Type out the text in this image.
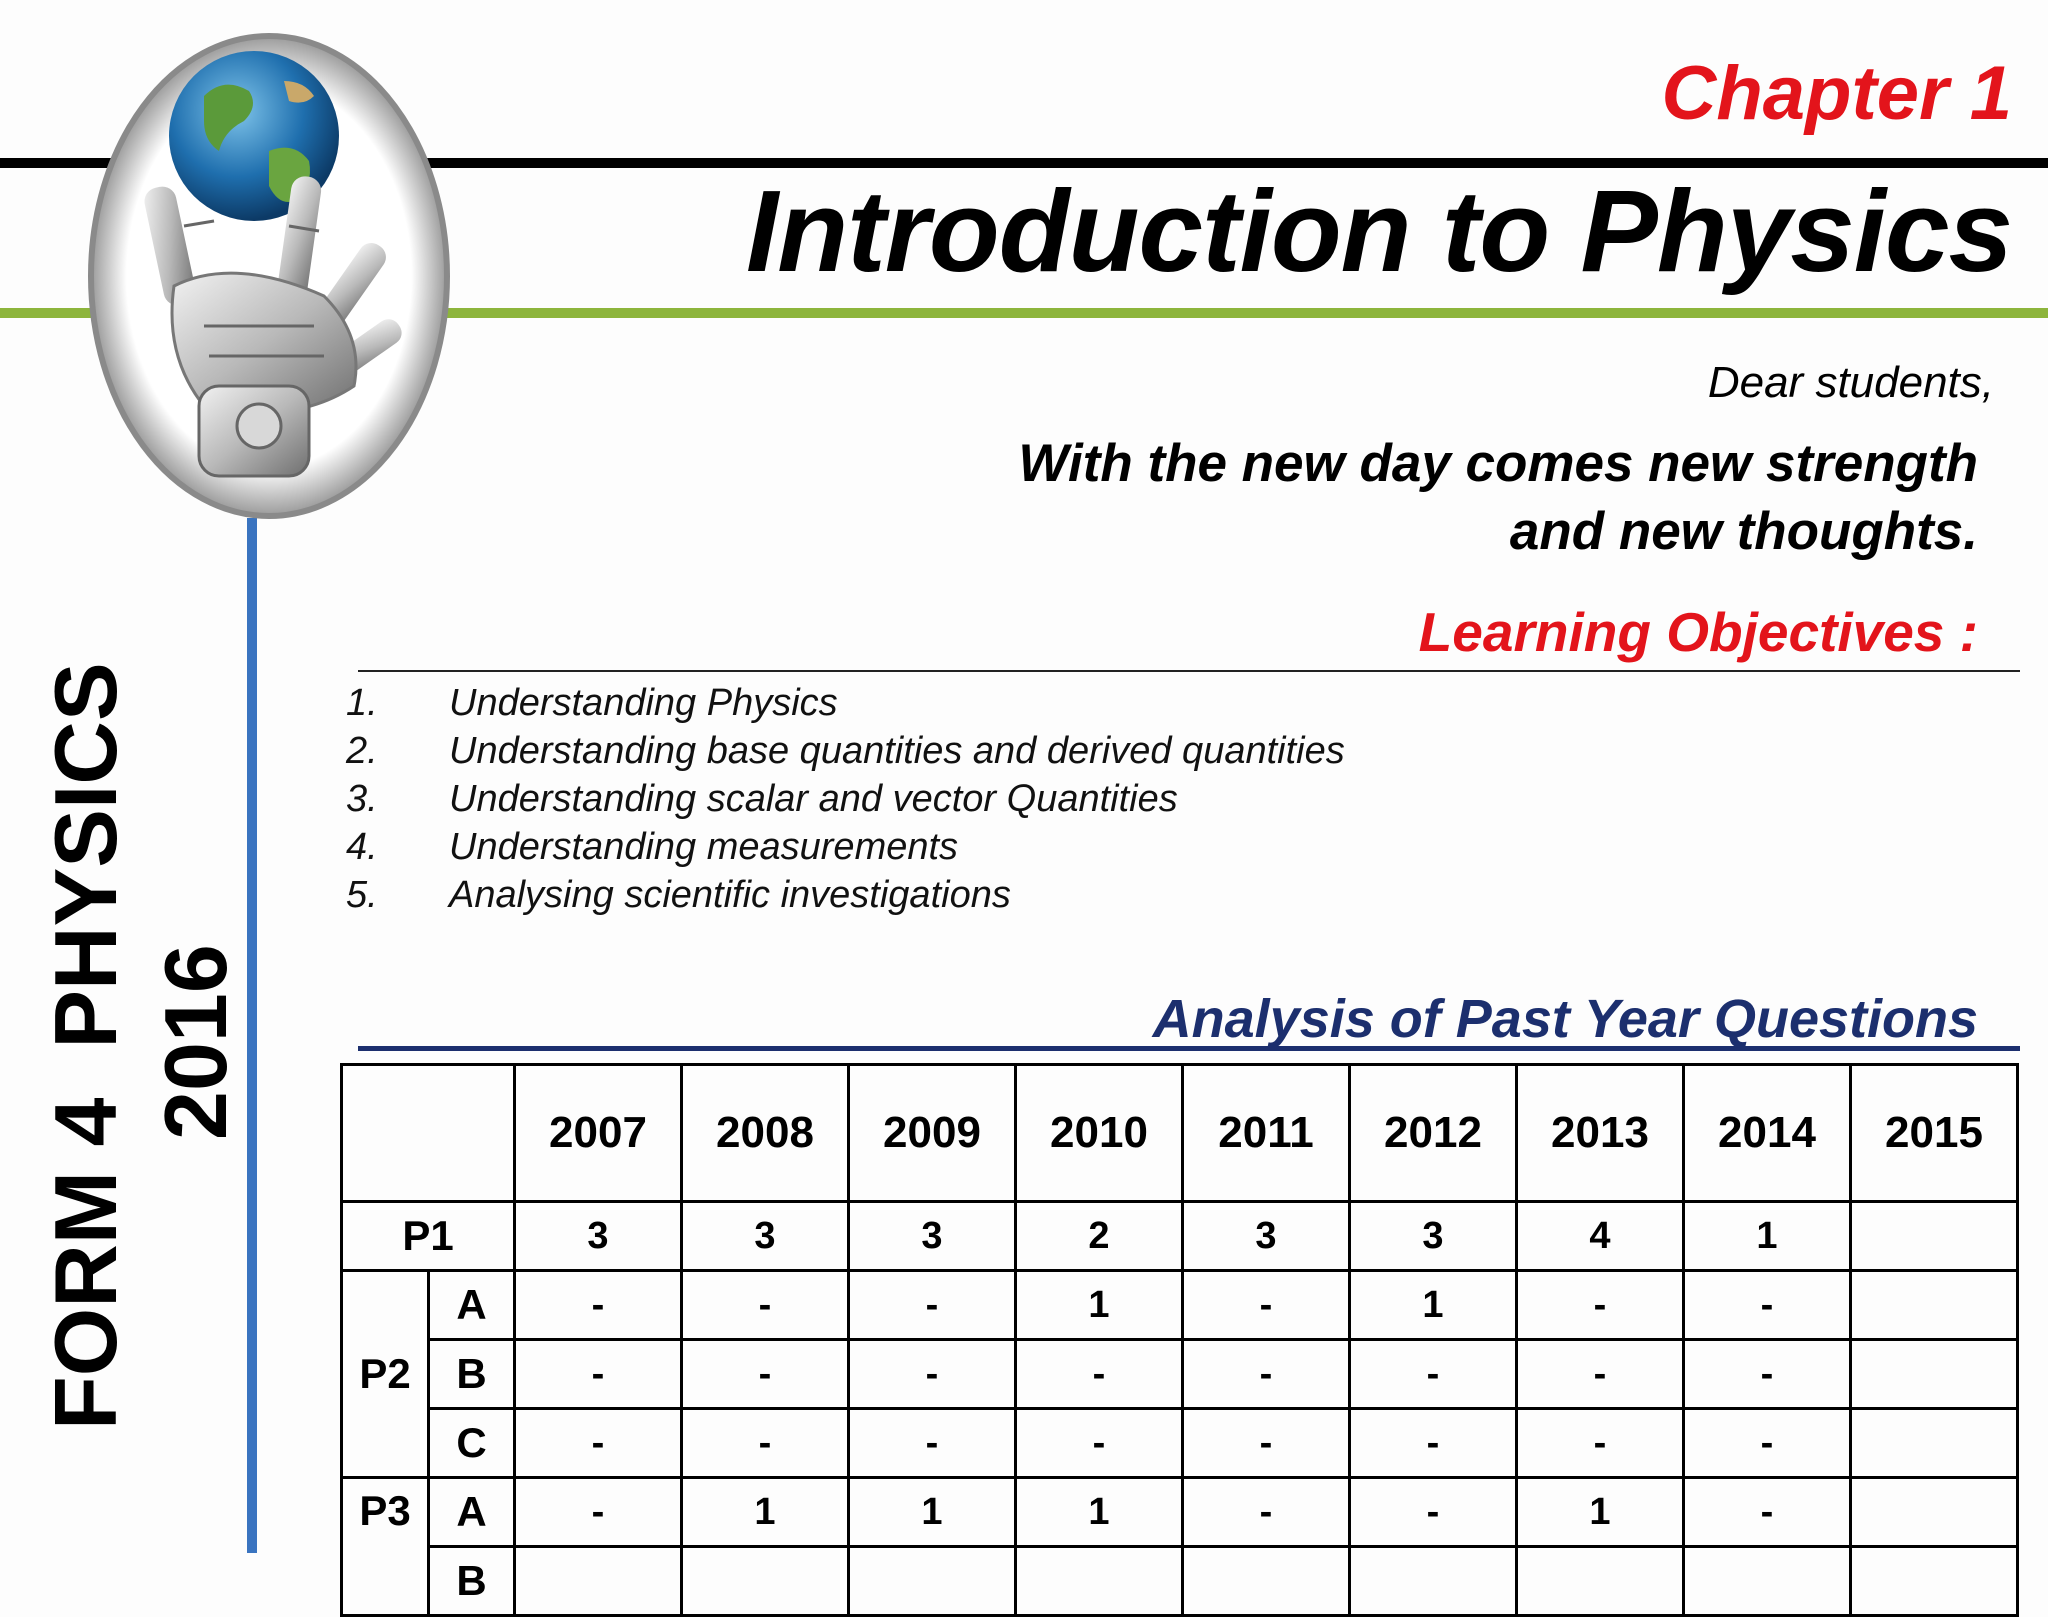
Chapter 1
Introduction to Physics
FORM 4  PHYSICS 2016
Dear students,
With the new day comes new strength and new thoughts.
Learning Objectives :
1.	Understanding Physics
2.	Understanding base quantities and derived quantities
3.	Understanding scalar and vector Quantities
4.	Understanding measurements
5.	Analysing scientific investigations
Analysis of Past Year Questions
		2007	2008	2009	2010	2011	2012	2013	2014	2015
P1		3	3	3	2	3	3	4	1	
P2	A	-	-	-	1	-	1	-	-	
	B	-	-	-	-	-	-	-	-	
	C	-	-	-	-	-	-	-	-	
P3	A	-	1	1	1	-	-	1	-	
	B									
